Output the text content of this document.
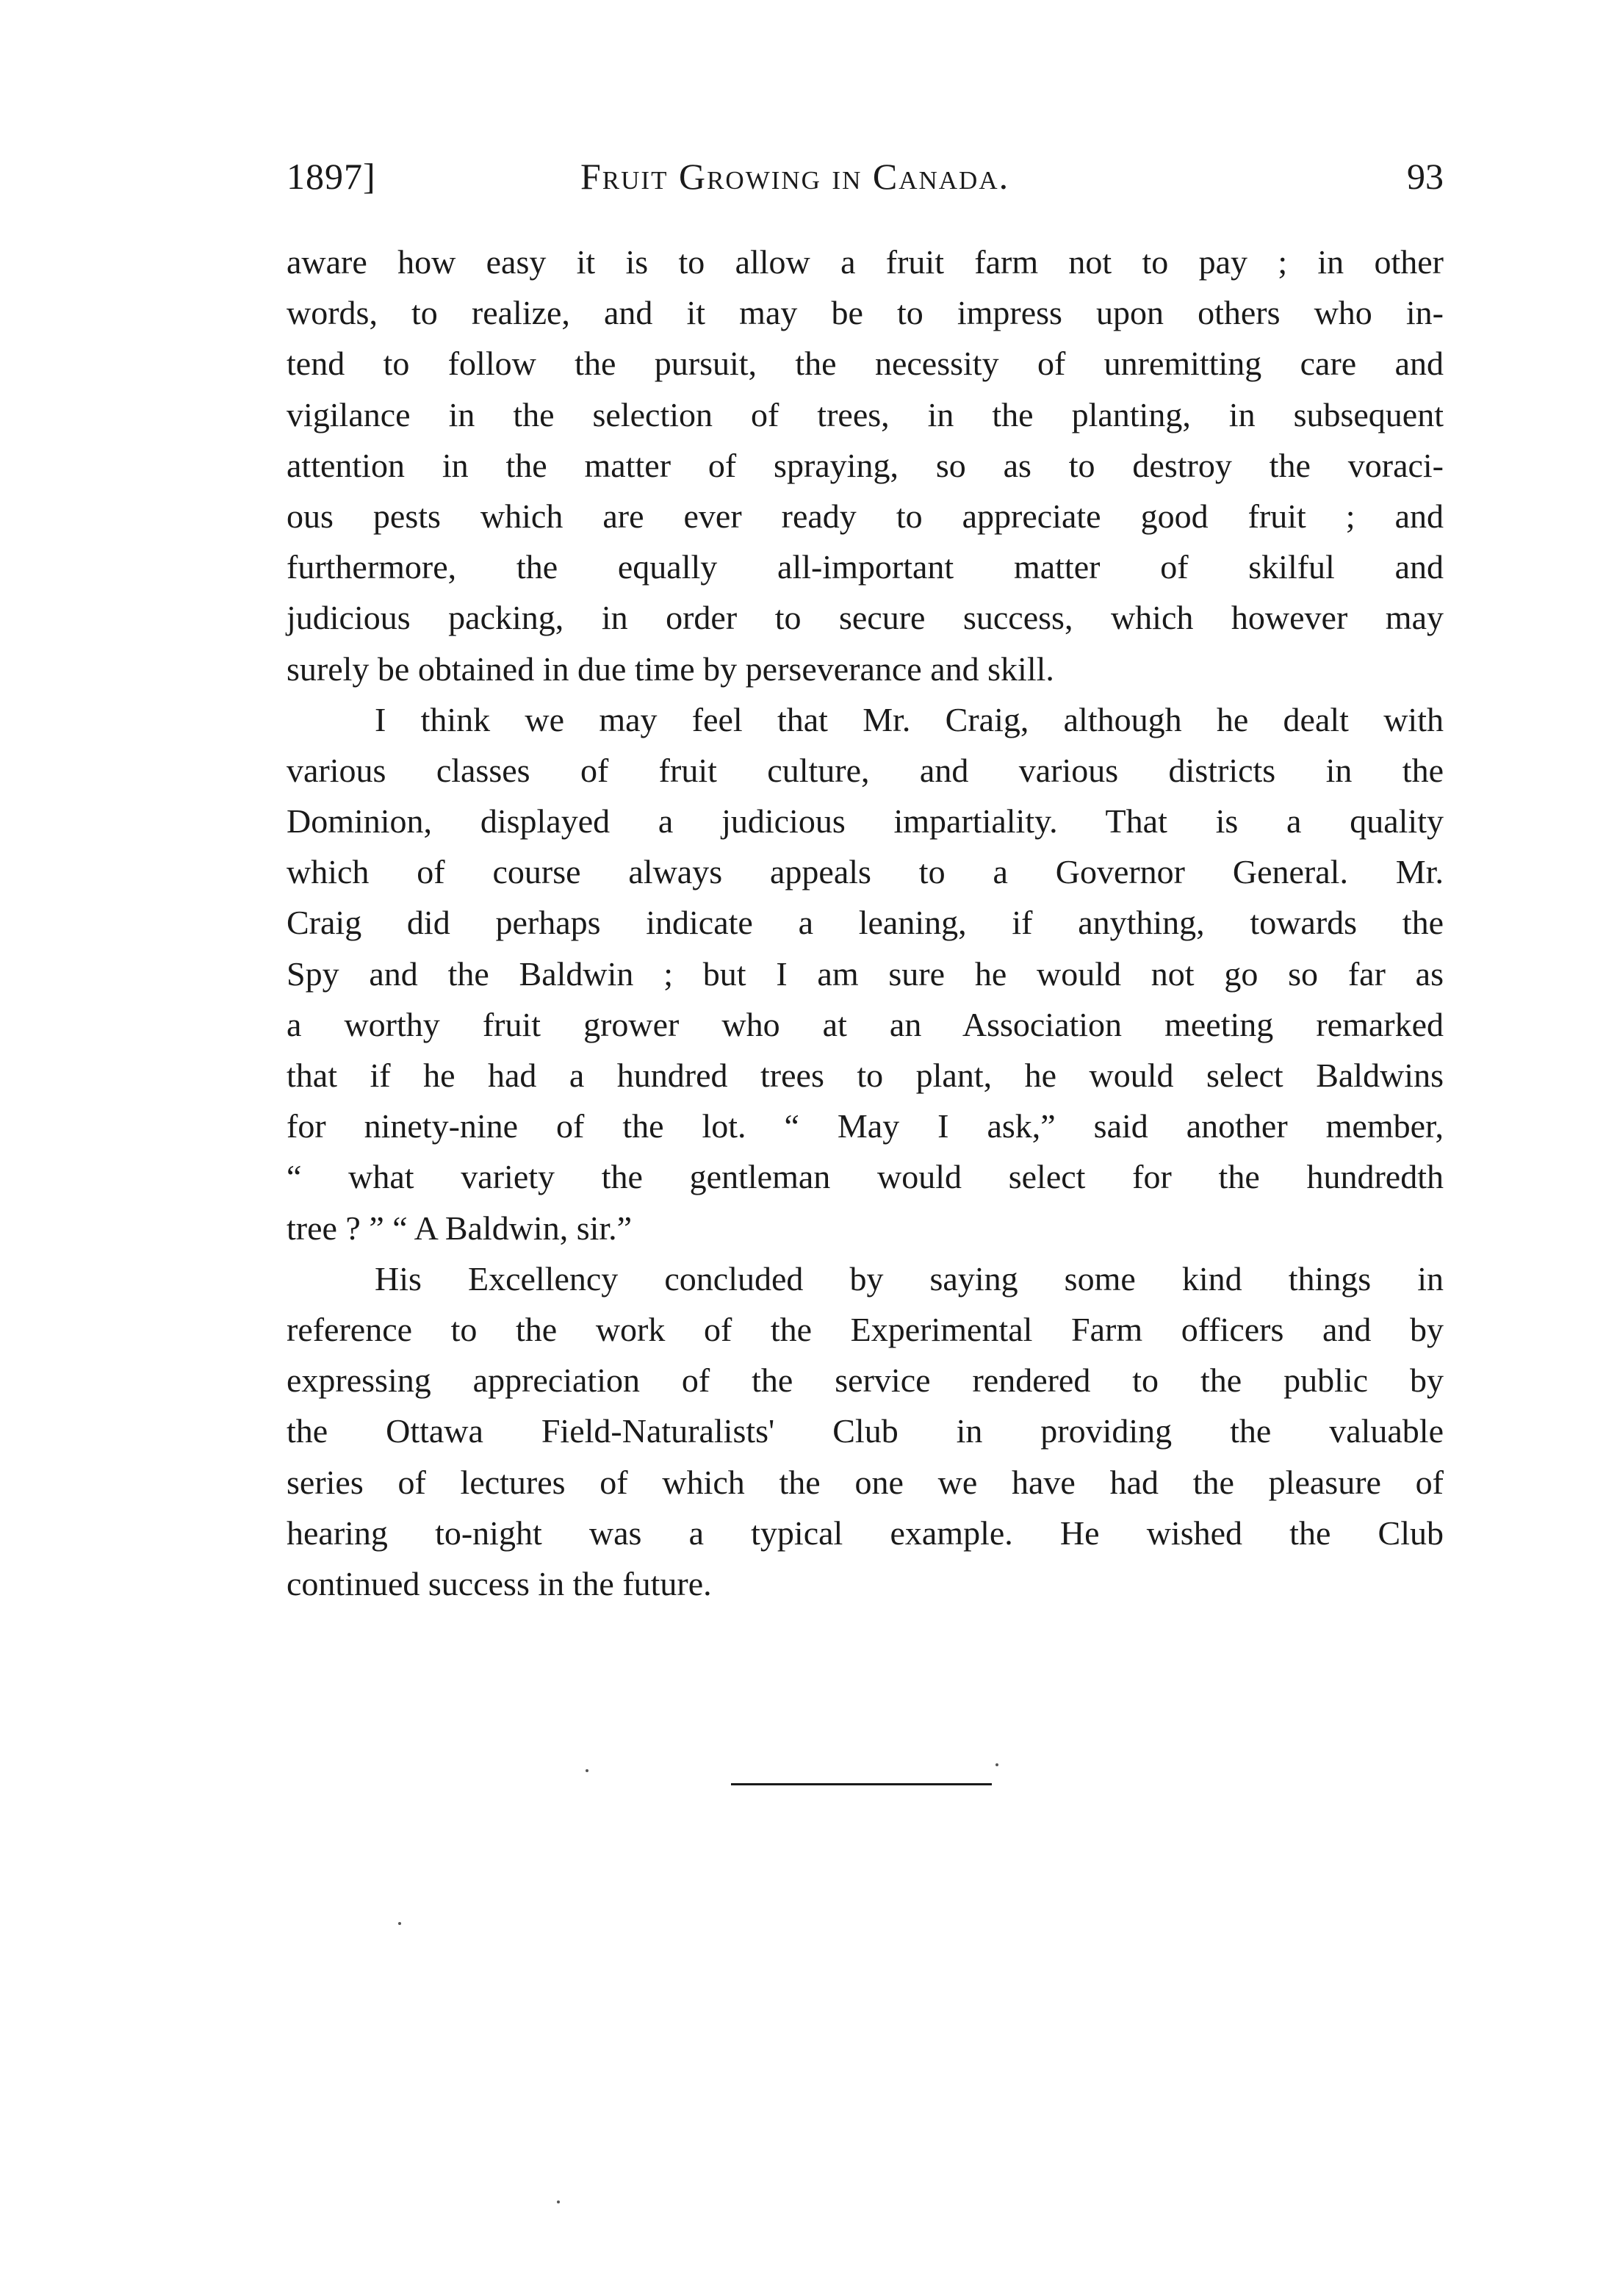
1897]	Fruit Growing in Canada.	93
aware how easy it is to allow a fruit farm not to pay ; in other
words, to realize, and it may be to impress upon others who in-
tend to follow the pursuit, the necessity of unremitting care and
vigilance in the selection of trees, in the planting, in subsequent
attention in the matter of spraying, so as to destroy the voraci-
ous pests which are ever ready to appreciate good fruit ; and
furthermore, the equally all-important matter of skilful and
judicious packing, in order to secure success, which however may
surely be obtained in due time by perseverance and skill.
I think we may feel that Mr. Craig, although he dealt with
various classes of fruit culture, and various districts in the
Dominion, displayed a judicious impartiality. That is a quality
which of course always appeals to a Governor General. Mr.
Craig did perhaps indicate a leaning, if anything, towards the
Spy and the Baldwin ; but I am sure he would not go so far as
a worthy fruit grower who at an Association meeting remarked
that if he had a hundred trees to plant, he would select Baldwins
for ninety-nine of the lot. “ May I ask,” said another member,
“ what variety the gentleman would select for the hundredth
tree ? ” “ A Baldwin, sir.”
His Excellency concluded by saying some kind things in
reference to the work of the Experimental Farm officers and by
expressing appreciation of the service rendered to the public by
the Ottawa Field-Naturalists' Club in providing the valuable
series of lectures of which the one we have had the pleasure of
hearing to-night was a typical example. He wished the Club
continued success in the future.
